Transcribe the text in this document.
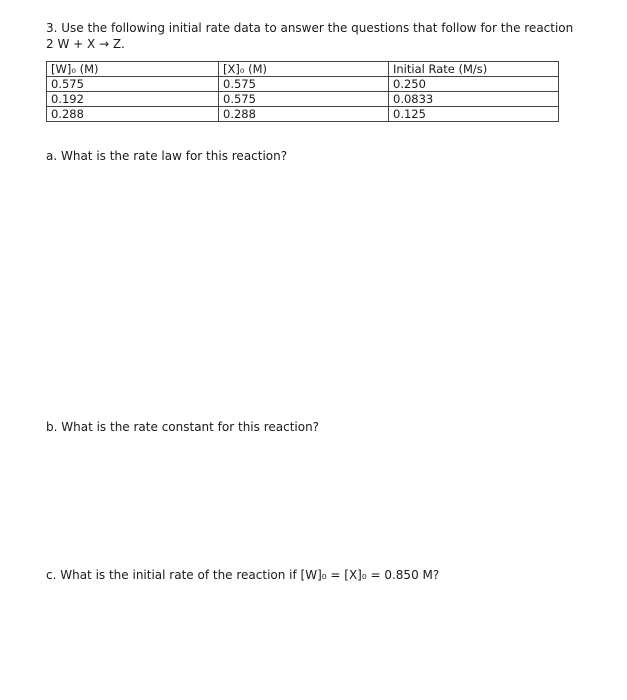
3. Use the following initial rate data to answer the questions that follow for the reaction
2 W + X → Z.
[W]₀ (M)	[X]₀ (M)	Initial Rate (M/s)
0.575	0.575	0.250
0.192	0.575	0.0833
0.288	0.288	0.125
a. What is the rate law for this reaction?
b. What is the rate constant for this reaction?
c. What is the initial rate of the reaction if [W]₀ = [X]₀ = 0.850 M?
